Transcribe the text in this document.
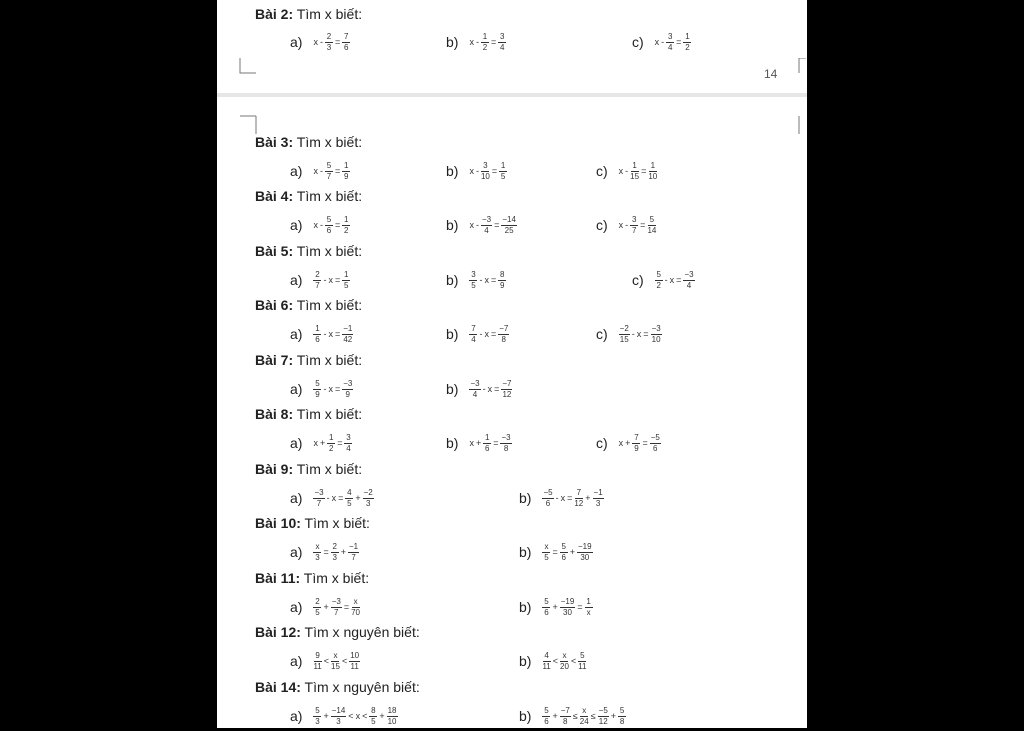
14
Bài 2: Tìm x biết:
a) $x - \frac{2}{3} = \frac{7}{6}$	b) $x - \frac{1}{2} = \frac{3}{4}$	c) $x - \frac{3}{4} = \frac{1}{2}$
Bài 3: Tìm x biết:
a) $x - \frac{5}{7} = \frac{1}{9}$	b) $x - \frac{3}{10} = \frac{1}{5}$	c) $x - \frac{1}{15} = \frac{1}{10}$
Bài 4: Tìm x biết:
a) $x - \frac{5}{6} = \frac{1}{2}$	b) $x - \frac{-3}{4} = \frac{-14}{25}$	c) $x - \frac{3}{7} = \frac{5}{14}$
Bài 5: Tìm x biết:
$a) \frac{2}{7} - x = \frac{1}{5}$	$b) \frac{3}{5} - x = \frac{8}{9}$	$c) \frac{5}{2} - x = \frac{-3}{4}$
Bài 6: Tìm x biết:
$a) \frac{1}{6} - x = \frac{-1}{42}$	$b) \frac{7}{4} - x = \frac{-7}{8}$	$c) \frac{-2}{15} - x = \frac{-3}{10}$
Bài 7: Tìm x biết:
$a) \frac{5}{9} - x = \frac{-3}{9}$	$b) \frac{-3}{4} - x = \frac{-7}{12}$
Bài 8: Tìm x biết:
a) $x + \frac{1}{2} = \frac{3}{4}$	b) $x + \frac{1}{6} = \frac{-3}{8}$	c) $x + \frac{7}{9} = \frac{-5}{6}$
Bài 9: Tìm x biết:
$a) \frac{-3}{7} - x = \frac{4}{5} + \frac{-2}{3}$	$b) \frac{-5}{6} - x = \frac{7}{12} + \frac{-1}{3}$
Bài 10: Tìm x biết:
$a) \frac{x}{3} = \frac{2}{3} + \frac{-1}{7}$	$b) \frac{x}{5} = \frac{5}{6} + \frac{-19}{30}$
Bài 11: Tìm x biết:
$a) \frac{2}{5} + \frac{-3}{7} = \frac{x}{70}$	$b) \frac{5}{6} + \frac{-19}{30} = \frac{1}{x}$
Bài 12: Tìm x nguyên biết:
$a) \frac{9}{11} < \frac{x}{15} < \frac{10}{11}$	$b) \frac{4}{11} < \frac{x}{20} < \frac{5}{11}$
Bài 14: Tìm x nguyên biết:
$a) \frac{5}{3} + \frac{-14}{3} < x < \frac{8}{5} + \frac{18}{10}$	$b) \frac{5}{6} + \frac{-7}{8} \le \frac{x}{24} \le \frac{-5}{12} + \frac{5}{8}$
